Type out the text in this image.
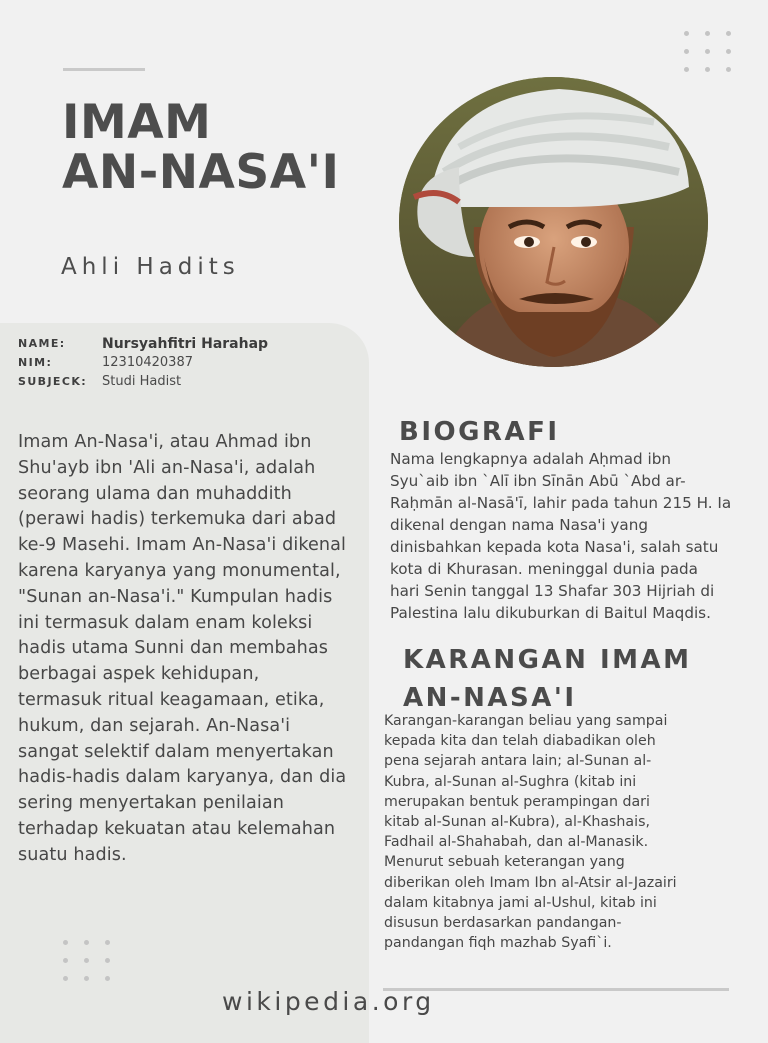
IMAM
AN-NASA'I
Ahli Hadits
NAME:	Nursyahfitri Harahap
NIM:	12310420387
SUBJECK:	Studi Hadist

Imam An-Nasa'i, atau Ahmad ibn Shu'ayb ibn 'Ali an-Nasa'i, adalah seorang ulama dan muhaddith (perawi hadis) terkemuka dari abad ke-9 Masehi. Imam An-Nasa'i dikenal karena karyanya yang monumental, "Sunan an-Nasa'i." Kumpulan hadis ini termasuk dalam enam koleksi hadis utama Sunni dan membahas berbagai aspek kehidupan, termasuk ritual keagamaan, etika, hukum, dan sejarah. An-Nasa'i sangat selektif dalam menyertakan hadis-hadis dalam karyanya, dan dia sering menyertakan penilaian terhadap kekuatan atau kelemahan suatu hadis.

BIOGRAFI

Nama lengkapnya adalah Aḥmad ibn Syu`aib ibn `Alī ibn Sīnān Abū `Abd ar-Raḥmān al-Nasā'ī, lahir pada tahun 215 H. Ia dikenal dengan nama Nasa'i yang dinisbahkan kepada kota Nasa'i, salah satu kota di Khurasan. meninggal dunia pada hari Senin tanggal 13 Shafar 303 Hijriah di Palestina lalu dikuburkan di Baitul Maqdis.

KARANGAN IMAM AN-NASA'I

Karangan-karangan beliau yang sampai kepada kita dan telah diabadikan oleh pena sejarah antara lain; al-Sunan al-Kubra, al-Sunan al-Sughra (kitab ini merupakan bentuk perampingan dari kitab al-Sunan al-Kubra), al-Khashais, Fadhail al-Shahabah, dan al-Manasik. Menurut sebuah keterangan yang diberikan oleh Imam Ibn al-Atsir al-Jazairi dalam kitabnya jami al-Ushul, kitab ini disusun berdasarkan pandangan-pandangan fiqh mazhab Syafi`i.

wikipedia.org
